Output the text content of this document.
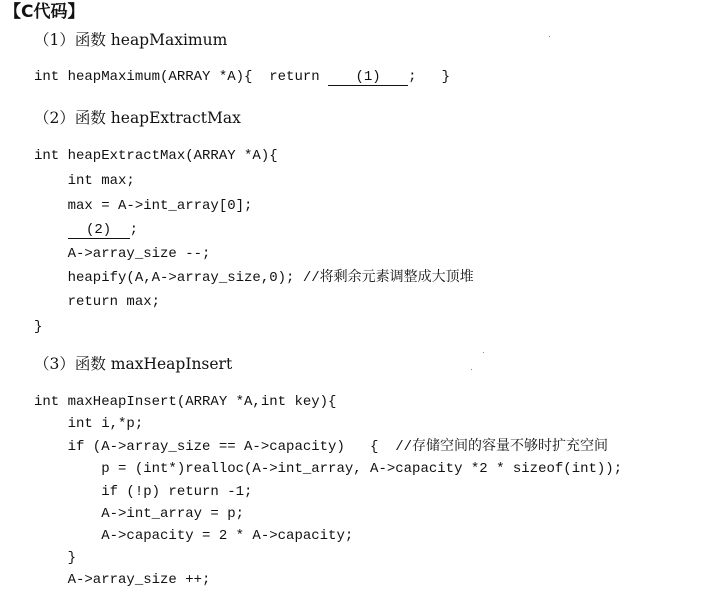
【C代码】
（1）函数 heapMaximum
int heapMaximum(ARRAY *A){  return (1) ;   }
（2）函数 heapExtractMax
int heapExtractMax(ARRAY *A){
int max;
max = A->int_array[0];
(2) ;
A->array_size --;
heapify(A,A->array_size,0); //将剩余元素调整成大顶堆
return max;
}
（3）函数 maxHeapInsert
int maxHeapInsert(ARRAY *A,int key){
int i,*p;
if (A->array_size == A->capacity)   {  //存储空间的容量不够时扩充空间
p = (int*)realloc(A->int_array, A->capacity *2 * sizeof(int));
if (!p) return -1;
A->int_array = p;
A->capacity = 2 * A->capacity;
}
A->array_size ++;
